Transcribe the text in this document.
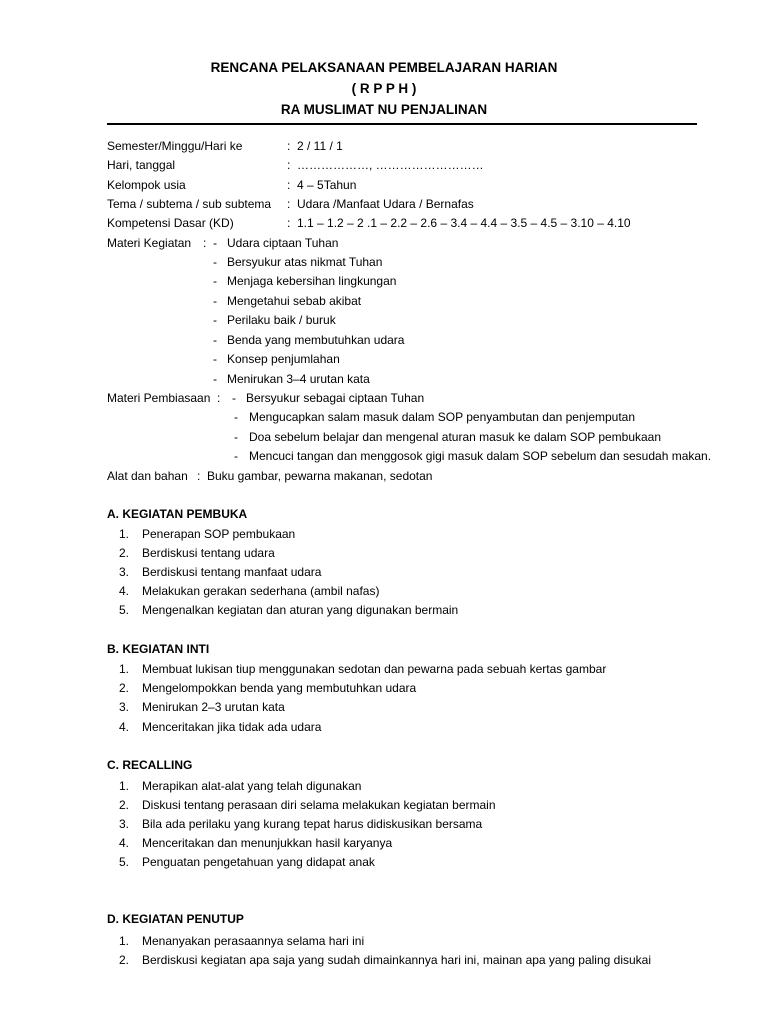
RENCANA PELAKSANAAN PEMBELAJARAN HARIAN
( R P P H )
RA MUSLIMAT NU PENJALINAN
Semester/Minggu/Hari ke	: 2 / 11 / 1
Hari, tanggal	: ………………, ………………………
Kelompok usia	: 4 – 5Tahun
Tema / subtema / sub subtema : Udara /Manfaat Udara / Bernafas
Kompetensi Dasar (KD)	: 1.1 – 1.2 – 2 .1 – 2.2 – 2.6 – 3.4 – 4.4 – 3.5 – 4.5 – 3.10 – 4.10
Materi Kegiatan : - Udara ciptaan Tuhan
- Bersyukur atas nikmat Tuhan
- Menjaga kebersihan lingkungan
- Mengetahui sebab akibat
- Perilaku baik / buruk
- Benda yang membutuhkan udara
- Konsep penjumlahan
- Menirukan 3–4 urutan kata
Materi Pembiasaan : - Bersyukur sebagai ciptaan Tuhan
- Mengucapkan salam masuk dalam SOP penyambutan dan penjemputan
- Doa sebelum belajar dan mengenal aturan masuk ke dalam SOP pembukaan
- Mencuci tangan dan menggosok gigi masuk dalam SOP sebelum dan sesudah makan.
Alat dan bahan : Buku gambar, pewarna makanan, sedotan
A. KEGIATAN PEMBUKA
1. Penerapan SOP pembukaan
2. Berdiskusi tentang udara
3. Berdiskusi tentang manfaat udara
4. Melakukan gerakan sederhana (ambil nafas)
5. Mengenalkan kegiatan dan aturan yang digunakan bermain
B. KEGIATAN INTI
1. Membuat lukisan tiup menggunakan sedotan dan pewarna pada sebuah kertas gambar
2. Mengelompokkan benda yang membutuhkan udara
3. Menirukan 2–3 urutan kata
4. Menceritakan jika tidak ada udara
C. RECALLING
1. Merapikan alat-alat yang telah digunakan
2. Diskusi tentang perasaan diri selama melakukan kegiatan bermain
3. Bila ada perilaku yang kurang tepat harus didiskusikan bersama
4. Menceritakan dan menunjukkan hasil karyanya
5. Penguatan pengetahuan yang didapat anak
D. KEGIATAN PENUTUP
1. Menanyakan perasaannya selama hari ini
2. Berdiskusi kegiatan apa saja yang sudah dimainkannya hari ini, mainan apa yang paling disukai
